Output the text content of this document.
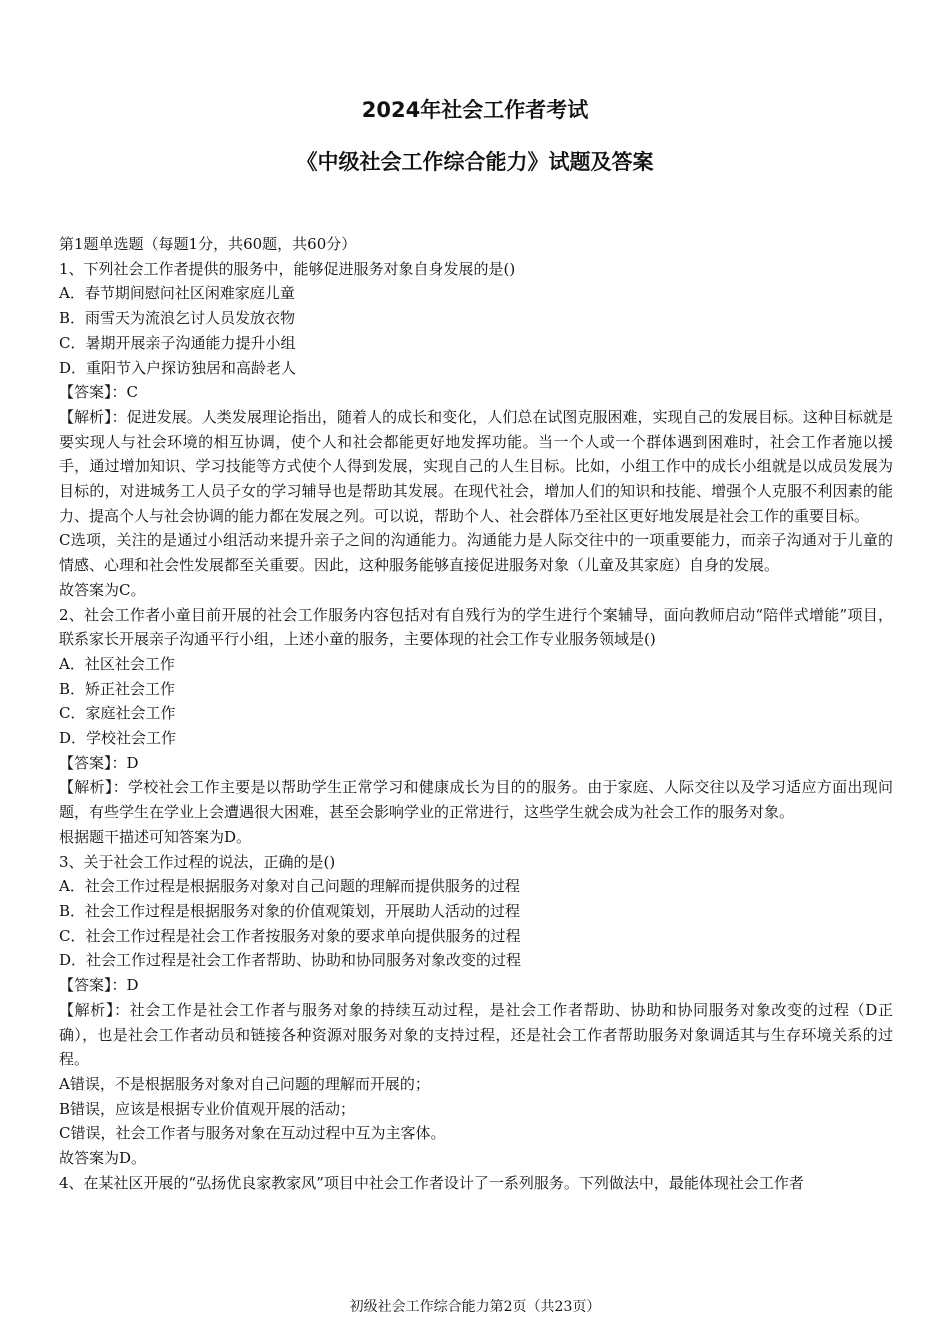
2024年社会工作者考试
《中级社会工作综合能力》试题及答案

第1题单选题（每题1分，共60题，共60分）

1、下列社会工作者提供的服务中，能够促进服务对象自身发展的是()

A．春节期间慰问社区闲难家庭儿童

B．雨雪天为流浪乞讨人员发放衣物

C．暑期开展亲子沟通能力提升小组

D．重阳节入户探访独居和高龄老人

【答案】：C

【解析】：促进发展。人类发展理论指出，随着人的成长和变化，人们总在试图克服困难，实现自己的发展目标。这种目标就是要实现人与社会环境的相互协调，使个人和社会都能更好地发挥功能。当一个人或一个群体遇到困难时，社会工作者施以援手，通过增加知识、学习技能等方式使个人得到发展，实现自己的人生目标。比如，小组工作中的成长小组就是以成员发展为目标的，对进城务工人员子女的学习辅导也是帮助其发展。在现代社会，增加人们的知识和技能、增强个人克服不利因素的能力、提高个人与社会协调的能力都在发展之列。可以说，帮助个人、社会群体乃至社区更好地发展是社会工作的重要目标。

C选项，关注的是通过小组活动来提升亲子之间的沟通能力。沟通能力是人际交往中的一项重要能力，而亲子沟通对于儿童的情感、心理和社会性发展都至关重要。因此，这种服务能够直接促进服务对象（儿童及其家庭）自身的发展。

故答案为C。

2、社会工作者小童目前开展的社会工作服务内容包括对有自残行为的学生进行个案辅导，面向教师启动“陪伴式增能”项目，联系家长开展亲子沟通平行小组，上述小童的服务，主要体现的社会工作专业服务领域是()

A．社区社会工作

B．矫正社会工作

C．家庭社会工作

D．学校社会工作

【答案】：D

【解析】：学校社会工作主要是以帮助学生正常学习和健康成长为目的的服务。由于家庭、人际交往以及学习适应方面出现问题，有些学生在学业上会遭遇很大困难，甚至会影响学业的正常进行，这些学生就会成为社会工作的服务对象。

根据题干描述可知答案为D。

3、关于社会工作过程的说法，正确的是()

A．社会工作过程是根据服务对象对自己问题的理解而提供服务的过程

B．社会工作过程是根据服务对象的价值观策划，开展助人活动的过程

C．社会工作过程是社会工作者按服务对象的要求单向提供服务的过程

D．社会工作过程是社会工作者帮助、协助和协同服务对象改变的过程

【答案】：D

【解析】：社会工作是社会工作者与服务对象的持续互动过程，是社会工作者帮助、协助和协同服务对象改变的过程（D正确），也是社会工作者动员和链接各种资源对服务对象的支持过程，还是社会工作者帮助服务对象调适其与生存环境关系的过程。

A错误，不是根据服务对象对自己问题的理解而开展的；

B错误，应该是根据专业价值观开展的活动；

C错误，社会工作者与服务对象在互动过程中互为主客体。

故答案为D。

4、在某社区开展的“弘扬优良家教家风”项目中社会工作者设计了一系列服务。下列做法中，最能体现社会工作者

初级社会工作综合能力第2页（共23页）
